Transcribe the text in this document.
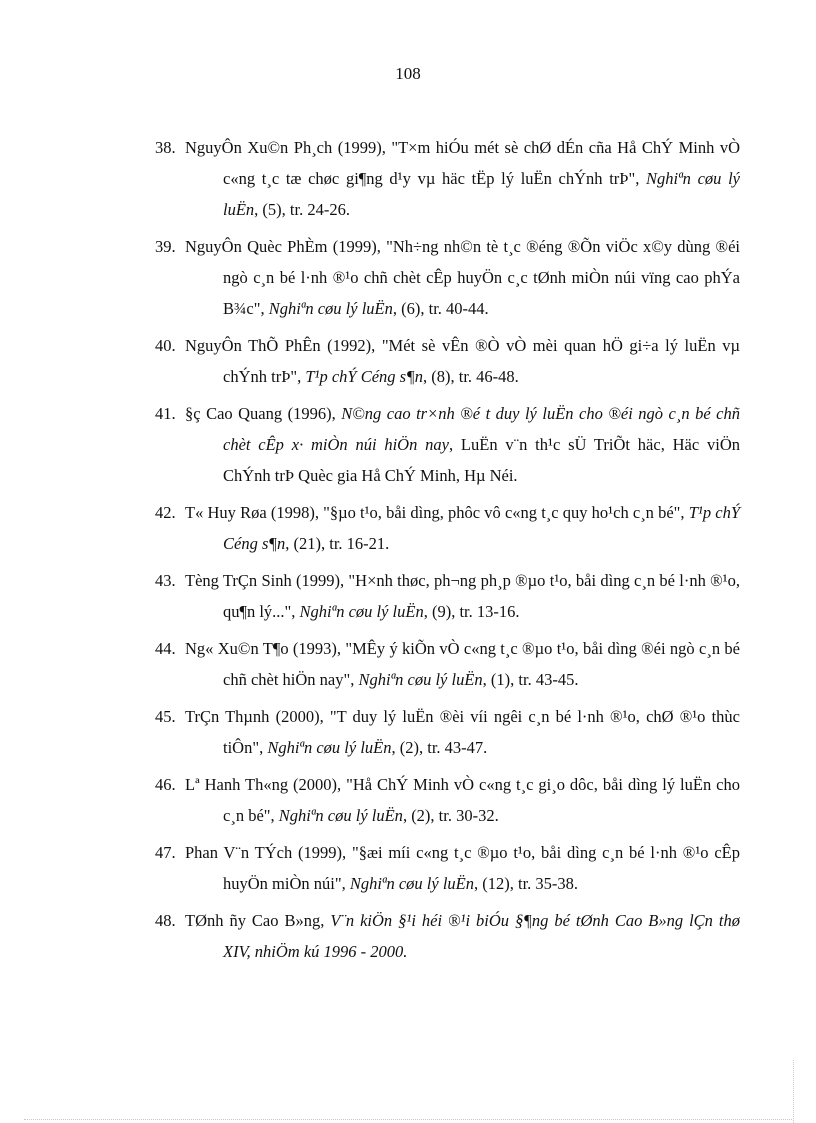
108
38. NguyÔn Xu©n Ph¸ch (1999), "T×m hiÓu mét sè chØ dÉn cña Hå ChÝ Minh vÒ c«ng t¸c tæ chøc gi¶ng d¹y vµ häc tËp lý luËn chÝnh trÞ", Nghiªn cøu lý luËn, (5), tr. 24-26.
39. NguyÔn Quèc PhÈm (1999), "Nh÷ng nh©n tè t¸c ®éng ®Õn viÖc x©y dùng ®éi ngò c¸n bé l·nh ®¹o chñ chèt cÊp huyÖn c¸c tØnh miÒn núi vïng cao phÝa B¾c", Nghiªn cøu lý luËn, (6), tr. 40-44.
40. NguyÔn ThÕ PhÊn (1992), "Mét sè vÊn ®Ò vÒ mèi quan hÖ gi÷a lý luËn vµ chÝnh trÞ", T¹p chÝ Céng s¶n, (8), tr. 46-48.
41. §ç Cao Quang (1996), N©ng cao tr×nh ®é t duy lý luËn cho ®éi ngò c¸n bé chñ chèt cÊp x· miÒn núi hiÖn nay, LuËn v¨n th¹c sÜ TriÕt häc, Häc viÖn ChÝnh trÞ Quèc gia Hå ChÝ Minh, Hµ Néi.
42. T« Huy Røa (1998), "§µo t¹o, båi dìng, phôc vô c«ng t¸c quy ho¹ch c¸n bé", T¹p chÝ Céng s¶n, (21), tr. 16-21.
43. Tèng TrÇn Sinh (1999), "H×nh thøc, ph¬ng ph¸p ®µo t¹o, båi dìng c¸n bé l·nh ®¹o, qu¶n lý...", Nghiªn cøu lý luËn, (9), tr. 13-16.
44. Ng« Xu©n T¶o (1993), "MÊy ý kiÕn vÒ c«ng t¸c ®µo t¹o, båi dìng ®éi ngò c¸n bé chñ chèt hiÖn nay", Nghiªn cøu lý luËn, (1), tr. 43-45.
45. TrÇn Thµnh (2000), "T duy lý luËn ®èi víi ngêi c¸n bé l·nh ®¹o, chØ ®¹o thùc tiÔn", Nghiªn cøu lý luËn, (2), tr. 43-47.
46. Lª Hanh Th«ng (2000), "Hå ChÝ Minh vÒ c«ng t¸c gi¸o dôc, båi dìng lý luËn cho c¸n bé", Nghiªn cøu lý luËn, (2), tr. 30-32.
47. Phan V¨n TÝch (1999), "§æi míi c«ng t¸c ®µo t¹o, båi dìng c¸n bé l·nh ®¹o cÊp huyÖn miÒn núi", Nghiªn cøu lý luËn, (12), tr. 35-38.
48. TØnh ñy Cao B»ng, V¨n kiÖn §¹i héi ®¹i biÓu §¶ng bé tØnh Cao B»ng lÇn thø XIV, nhiÖm kú 1996 - 2000.
